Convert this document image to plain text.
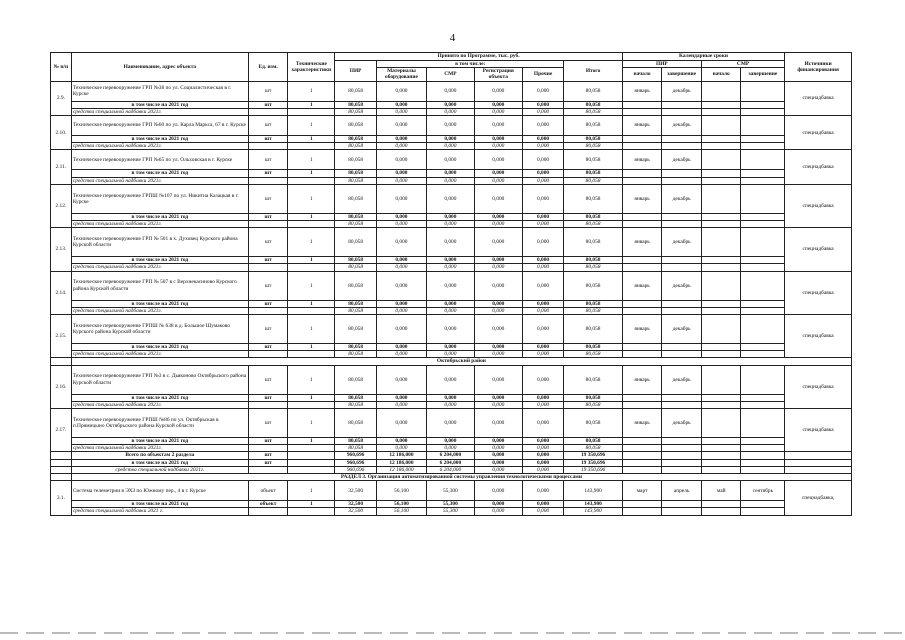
4
№ п/п	Наименование, адрес объекта	Ед. изм.	Технические характеристики	Принято по Программе, тыс. руб.						Календарные сроки				Источники финансирования
				ПИР	в том числе:				Итого	ПИР		СМР		
					Материалы оборудование	СМР	Регистрация объекта	Прочие		начало	завершение	начало	завершение	
2.9.	Техническое перевооружение ГРП №38 по ул. Социалистическая в г. Курске	шт	1	80,058	0,000	0,000	0,000	0,000	80,058	январь	декабрь			спецнадбавка
	в том числе на 2021 год	шт	1	80,058	0,000	0,000	0,000	0,000	80,058					
	средства специальной надбавки 2021г.			80,058	0,000	0,000	0,000	0,000	80,058					
2.10.	Техническое перевооружение ГРП №60 по ул. Карла Маркса, 67 в г. Курске	шт	1	80,058	0,000	0,000	0,000	0,000	80,058	январь	декабрь			спецнадбавка
	в том числе на 2021 год	шт	1	80,058	0,000	0,000	0,000	0,000	80,058					
	средства специальной надбавки 2021г.			80,058	0,000	0,000	0,000	0,000	80,058					
2.11.	Техническое перевооружение ГРП №65 по ул. Ольховская в г. Курске	шт	1	80,058	0,000	0,000	0,000	0,000	80,058	январь	декабрь			спецнадбавка
	в том числе на 2021 год	шт	1	80,058	0,000	0,000	0,000	0,000	80,058					
	средства специальной надбавки 2021г.			80,058	0,000	0,000	0,000	0,000	80,058					
2.12.	Техническое перевооружение ГРПШ №107 по ул. Никитиа Казацкая в г. Курске	шт	1	80,058	0,000	0,000	0,000	0,000	80,058	январь	декабрь			спецнадбавка
	в том числе на 2021 год	шт	1	80,058	0,000	0,000	0,000	0,000	80,058					
	средства специальной надбавки 2021г.			80,058	0,000	0,000	0,000	0,000	80,058					
2.13.	Техническое перевооружение ГРП № 501 в х. Духовец Курского района Курской области	шт	1	80,058	0,000	0,000	0,000	0,000	80,058	январь	декабрь			спецнадбавка
	в том числе на 2021 год	шт	1	80,058	0,000	0,000	0,000	0,000	80,058					
	средства специальной надбавки 2021г.			80,058	0,000	0,000	0,000	0,000	80,058					
2.14.	Техническое перевооружение ГРП № 507 в с Верхнекасиново Курского района Курской области	шт	1	80,058	0,000	0,000	0,000	0,000	80,058	январь	декабрь			спецнадбавка
	в том числе на 2021 год	шт	1	80,058	0,000	0,000	0,000	0,000	80,058					
	средства специальной надбавки 2021г.			80,058	0,000	0,000	0,000	0,000	80,058					
2.15.	Техническое перевооружение ГРПШ № 638 в д. Большое Шумаково Курского района Курской области	шт	1	80,058	0,000	0,000	0,000	0,000	80,058	январь	декабрь			спецнадбавка
	в том числе на 2021 год	шт	1	80,058	0,000	0,000	0,000	0,000	80,058					
	средства специальной надбавки 2021г.			80,058	0,000	0,000	0,000	0,000	80,058					
	Октябрьский район													
2.16.	Техническое перевооружение ГРП №3 в с. Дьяконово Октябрьского района Курской области	шт	1	80,058	0,000	0,000	0,000	0,000	80,058	январь	декабрь			спецнадбавка
	в том числе на 2021 год	шт	1	80,058	0,000	0,000	0,000	0,000	80,058					
	средства специальной надбавки 2021г.			80,058	0,000	0,000	0,000	0,000	80,058					
2.17.	Техническое перевооружение ГРПШ №86 по ул. Октябрьская в п.Прямицыно Октябрьского района Курской области	шт	1	80,058	0,000	0,000	0,000	0,000	80,058	январь	декабрь			спецнадбавка
	в том числе на 2021 год	шт	1	80,058	0,000	0,000	0,000	0,000	80,058					
	средства специальной надбавки 2021г.			80,058	0,000	0,000	0,000	0,000	80,058					
	Всего по объектам 2 раздела	шт		960,696	12 186,000	6 204,000	0,000	0,000	19 350,696					
	в том числе на 2021 год	шт		960,696	12 186,000	6 204,000	0,000	0,000	19 350,696					
	средства специальной надбавки 2021г.			960,696	12 186,000	6 204,000	0,000	0,000	19 350,696					
	РАЗДЕЛ 3. Организация автоматизированной системы управления технологическими процессами													
3.1.	Система телеметрии в ЭХЗ по Южному пер., 4 в г. Курске	объект	1	32,500	56,100	55,300	0,000	0,000	143,900	март	апрель	май	сентябрь	спецнадбавка,
	в том числе на 2021 год	объект	1	32,500	56,100	55,300	0,000	0,000	143,900					
	средства специальной надбавки 2021 г.			32,500	56,100	55,300	0,000	0,000	143,900					
